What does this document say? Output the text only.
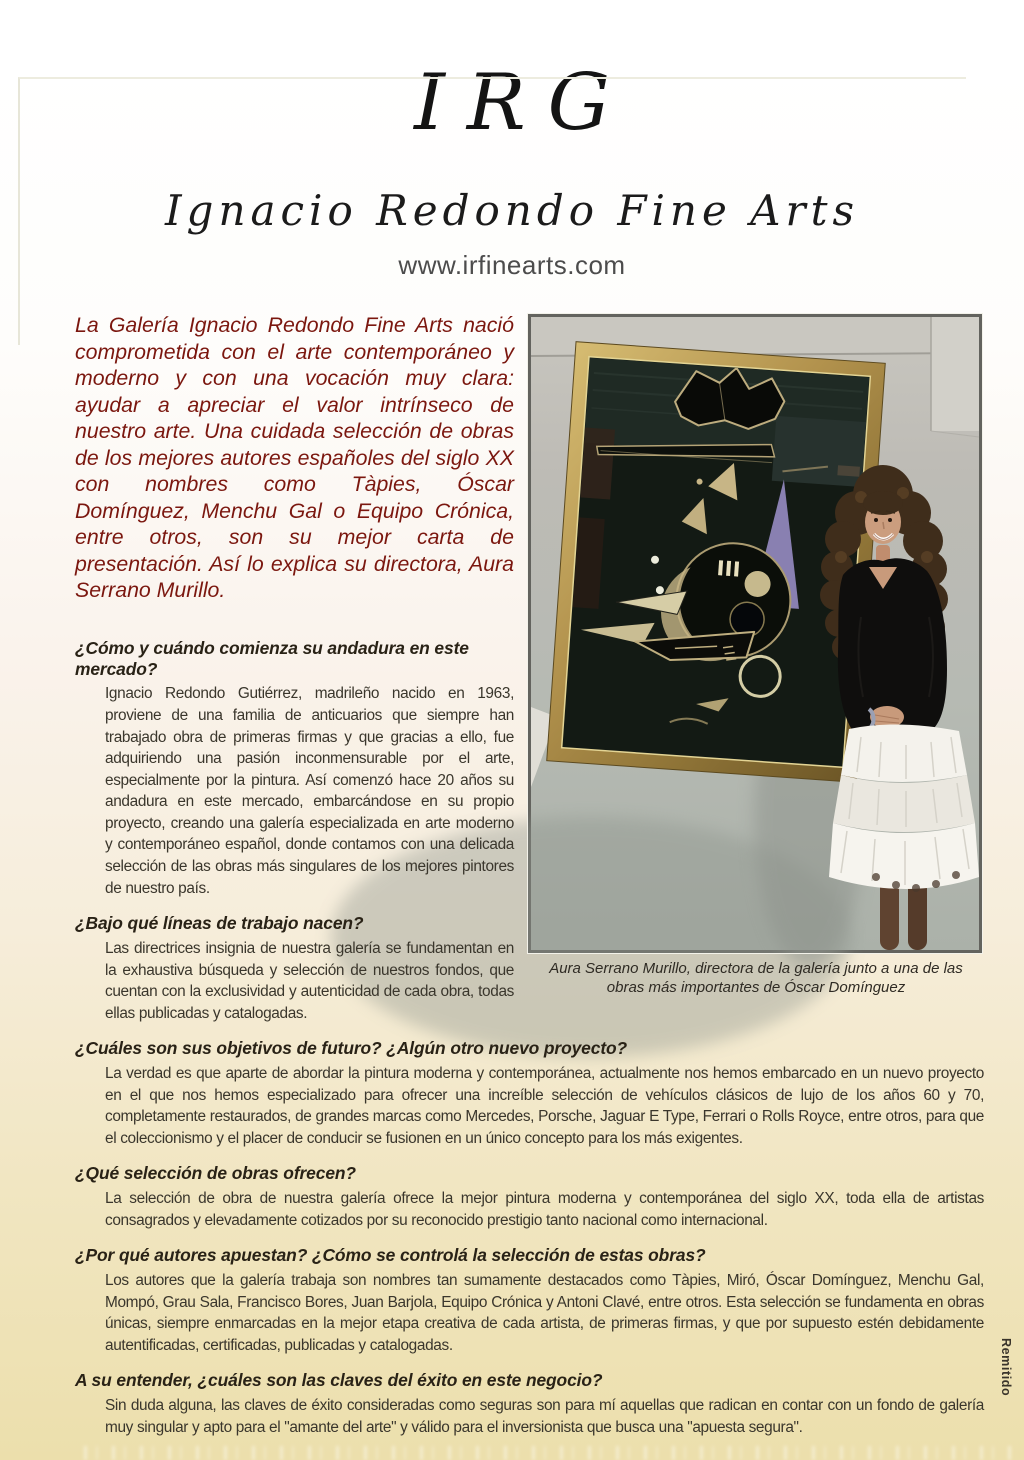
IRG
Ignacio Redondo Fine Arts
www.irfinearts.com
Aura Serrano Murillo, directora de la galería junto a una de las obras más importantes de Óscar Domínguez

La Galería Ignacio Redondo Fine Arts nació comprometida con el arte contemporáneo y moderno y con una vocación muy clara: ayudar a apreciar el valor intrínseco de nuestro arte. Una cuidada selección de obras de los mejores autores españoles del siglo XX con nombres como Tàpies, Óscar Domínguez, Menchu Gal o Equipo Crónica, entre otros, son su mejor carta de presentación. Así lo explica su directora, Aura Serrano Murillo.

¿Cómo y cuándo comienza su andadura en este mercado?

Ignacio Redondo Gutiérrez, madrileño nacido en 1963, proviene de una familia de anticuarios que siempre han trabajado obra de primeras firmas y que gracias a ello, fue adquiriendo una pasión inconmensurable por el arte, especialmente por la pintura. Así comenzó hace 20 años su andadura en este mercado, embarcándose en su propio proyecto, creando una galería especializada en arte moderno y contemporáneo español, donde contamos con una delicada selección de las obras más singulares de los mejores pintores de nuestro país.

¿Bajo qué líneas de trabajo nacen?

Las directrices insignia de nuestra galería se fundamentan en la exhaustiva búsqueda y selección de nuestros fondos, que cuentan con la exclusividad y autenticidad de cada obra, todas ellas publicadas y catalogadas.

¿Cuáles son sus objetivos de futuro? ¿Algún otro nuevo proyecto?

La verdad es que aparte de abordar la pintura moderna y contemporánea, actualmente nos hemos embarcado en un nuevo proyecto en el que nos hemos especializado para ofrecer una increíble selección de vehículos clásicos de lujo de los años 60 y 70, completamente restaurados, de grandes marcas como Mercedes, Porsche, Jaguar E Type, Ferrari o Rolls Royce, entre otros, para que el coleccionismo y el placer de conducir se fusionen en un único concepto para los más exigentes.

¿Qué selección de obras ofrecen?

La selección de obra de nuestra galería ofrece la mejor pintura moderna y contemporánea del siglo XX, toda ella de artistas consagrados y elevadamente cotizados por su reconocido prestigio tanto nacional como internacional.

¿Por qué autores apuestan? ¿Cómo se controlá la selección de estas obras?

Los autores que la galería trabaja son nombres tan sumamente destacados como Tàpies, Miró, Óscar Domínguez, Menchu Gal, Mompó, Grau Sala, Francisco Bores, Juan Barjola, Equipo Crónica y Antoni Clavé, entre otros. Esta selección se fundamenta en obras únicas, siempre enmarcadas en la mejor etapa creativa de cada artista, de primeras firmas, y que por supuesto estén debidamente autentificadas, certificadas, publicadas y catalogadas.

A su entender, ¿cuáles son las claves del éxito en este negocio?

Sin duda alguna, las claves de éxito consideradas como seguras son para mí aquellas que radican en contar con un fondo de galería muy singular y apto para el "amante del arte" y válido para el inversionista que busca una "apuesta segura".

Remitido
